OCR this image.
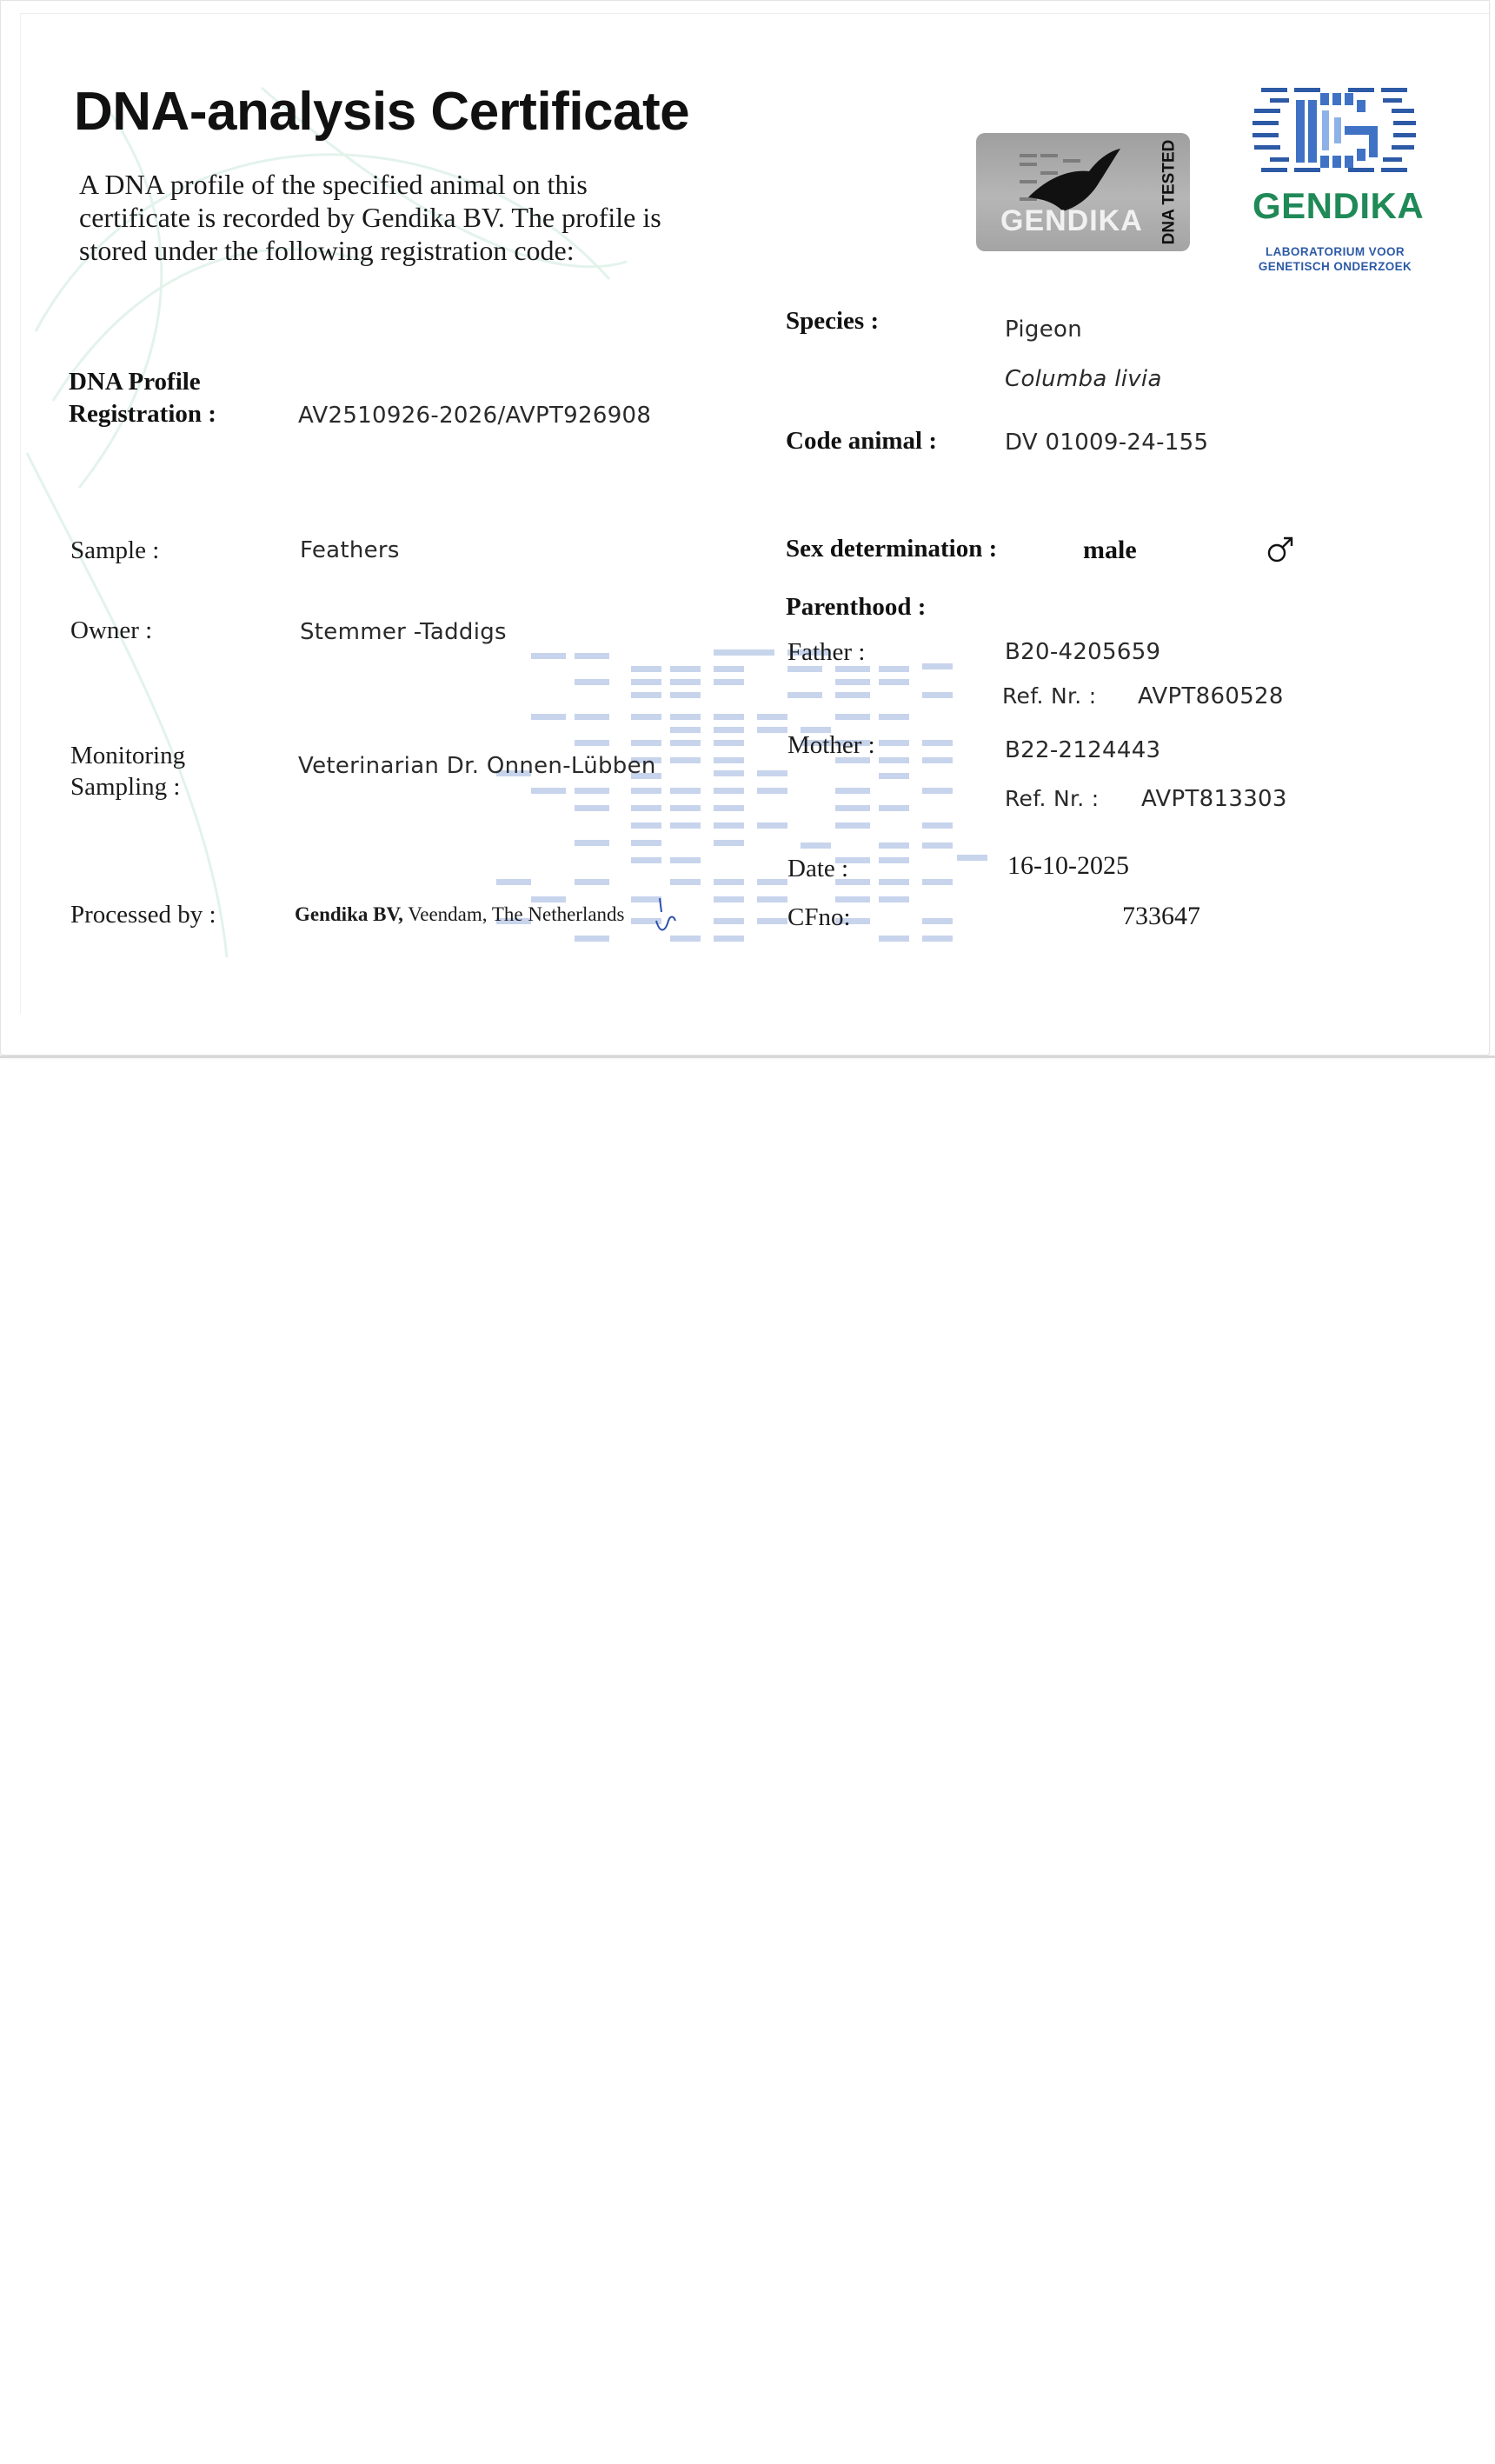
DNA-analysis Certificate
A DNA profile of the specified animal on this certificate is recorded by Gendika BV. The profile is stored under the following registration code:
DNA Profile
Registration :	AV2510926-2026/AVPT926908
Sample :	Feathers
Owner :	Stemmer -Taddigs
Monitoring
Sampling :
Veterinarian Dr. Onnen-Lübben
Processed by :	Gendika BV, Veendam, The Netherlands
Species :	Pigeon
Columba livia
Code animal :	DV 01009-24-155
Sex determination :	male
Parenthood :
Father :	B20-4205659
Ref. Nr. : AVPT860528
Mother :	B22-2124443
Ref. Nr. : AVPT813303
Date :	16-10-2025
CFno:	733647
GENDIKA DNA TESTED GENDIKA
LABORATORIUM VOOR
GENETISCH ONDERZOEK
